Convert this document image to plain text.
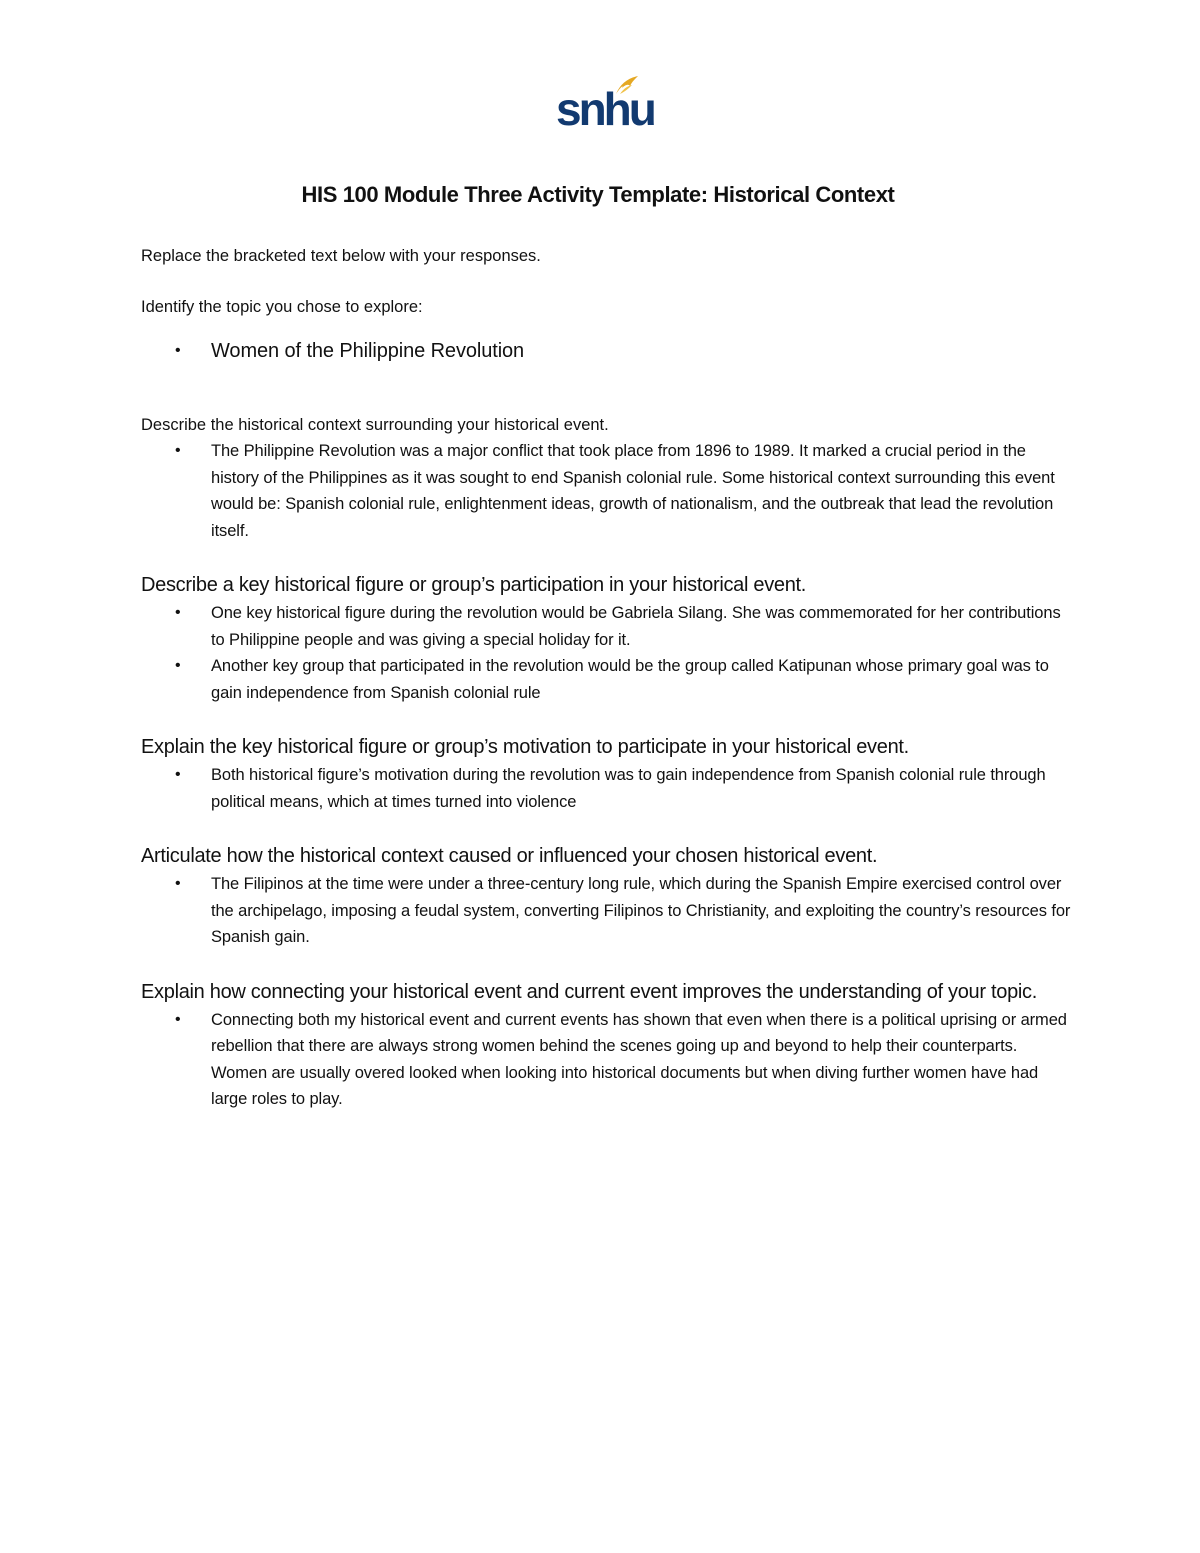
snhu
HIS 100 Module Three Activity Template: Historical Context

Replace the bracketed text below with your responses.

Identify the topic you chose to explore:

• Women of the Philippine Revolution

Describe the historical context surrounding your historical event.

• The Philippine Revolution was a major conflict that took place from 1896 to 1989. It marked a crucial period in the history of the Philippines as it was sought to end Spanish colonial rule. Some historical context surrounding this event would be: Spanish colonial rule, enlightenment ideas, growth of nationalism, and the outbreak that lead the revolution itself.

Describe a key historical figure or group’s participation in your historical event.

• One key historical figure during the revolution would be Gabriela Silang. She was commemorated for her contributions to Philippine people and was giving a special holiday for it.
• Another key group that participated in the revolution would be the group called Katipunan whose primary goal was to gain independence from Spanish colonial rule

Explain the key historical figure or group’s motivation to participate in your historical event.

• Both historical figure’s motivation during the revolution was to gain independence from Spanish colonial rule through political means, which at times turned into violence

Articulate how the historical context caused or influenced your chosen historical event.

• The Filipinos at the time were under a three-century long rule, which during the Spanish Empire exercised control over the archipelago, imposing a feudal system, converting Filipinos to Christianity, and exploiting the country’s resources for Spanish gain.

Explain how connecting your historical event and current event improves the understanding of your topic.

• Connecting both my historical event and current events has shown that even when there is a political uprising or armed rebellion that there are always strong women behind the scenes going up and beyond to help their counterparts. Women are usually overed looked when looking into historical documents but when diving further women have had large roles to play.
